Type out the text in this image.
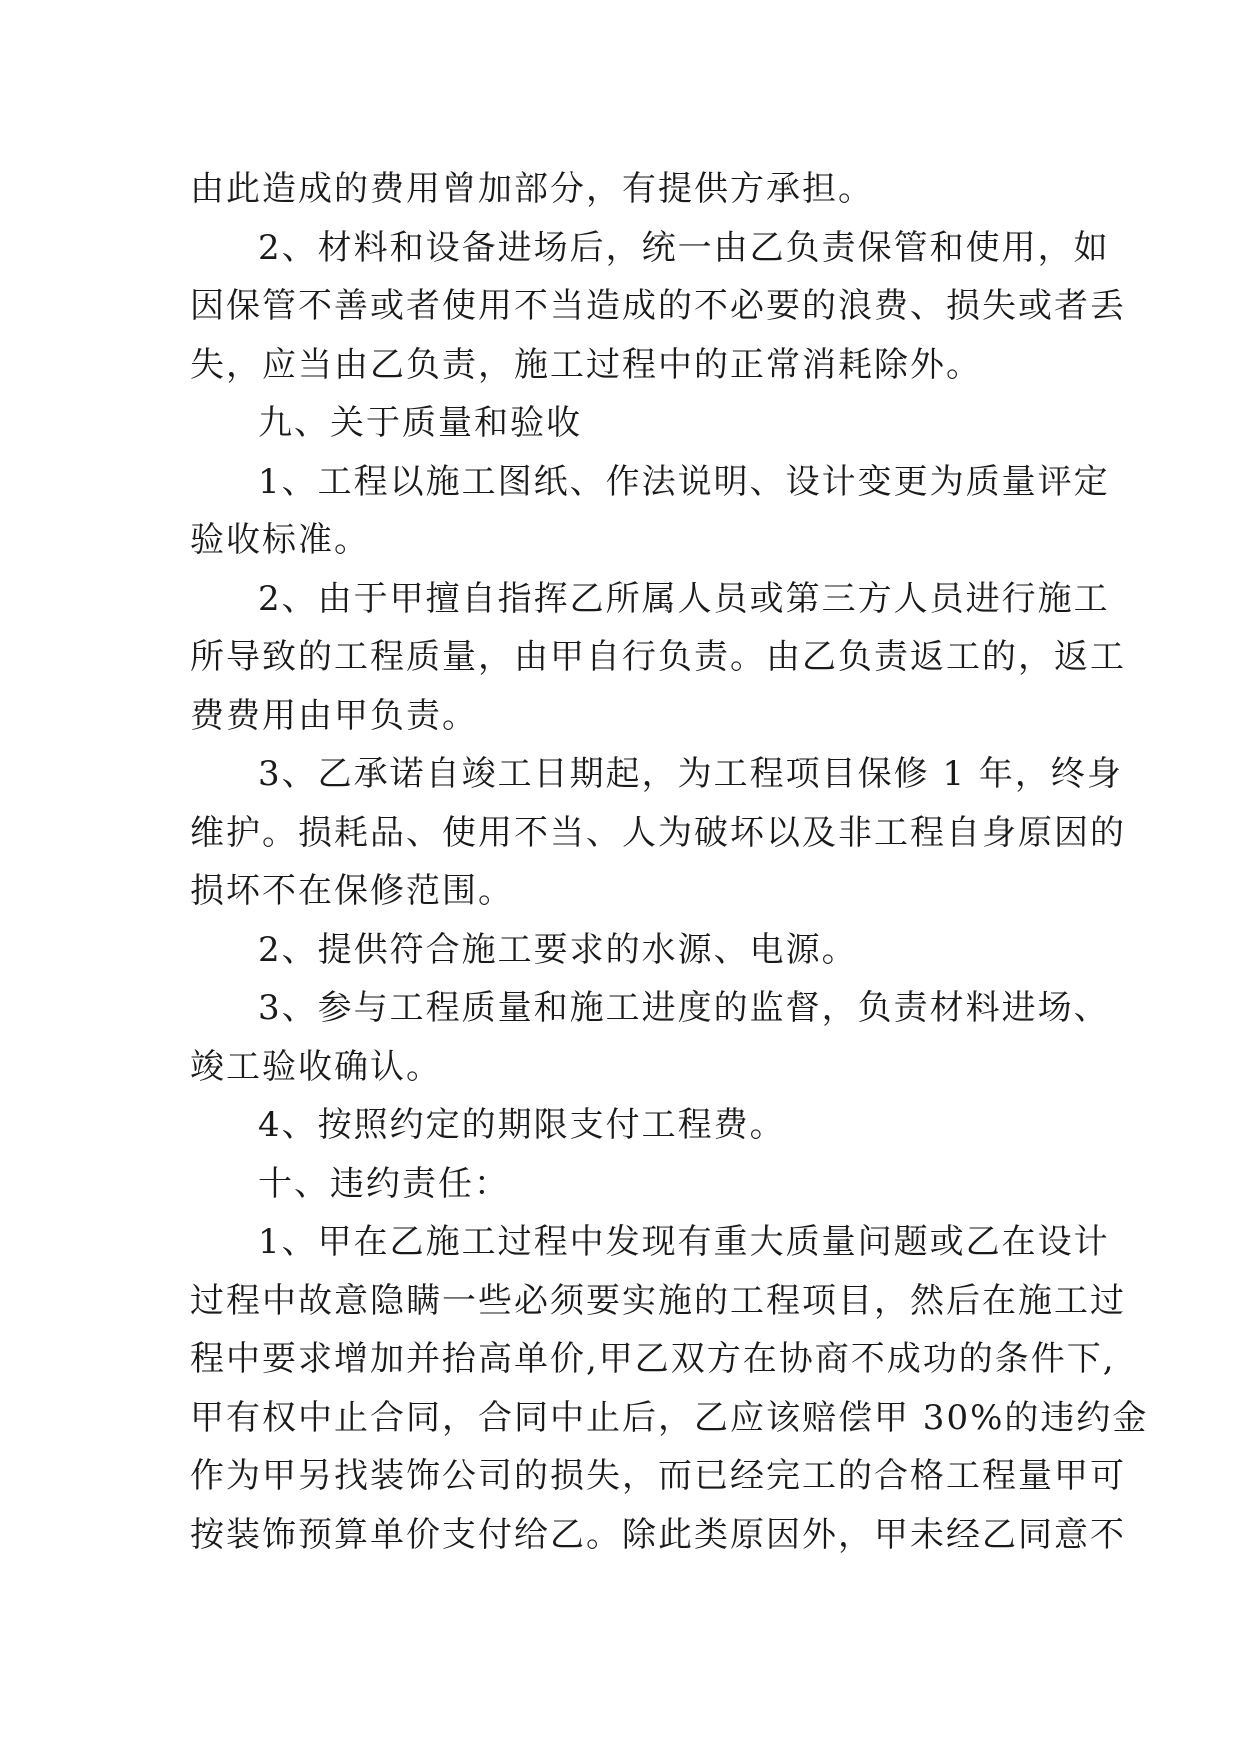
由此造成的费用曾加部分，有提供方承担。
2、材料和设备进场后，统一由乙负责保管和使用，如
因保管不善或者使用不当造成的不必要的浪费、损失或者丢
失，应当由乙负责，施工过程中的正常消耗除外。
九、关于质量和验收
1、工程以施工图纸、作法说明、设计变更为质量评定
验收标准。
2、由于甲擅自指挥乙所属人员或第三方人员进行施工
所导致的工程质量，由甲自行负责。由乙负责返工的，返工
费费用由甲负责。
3、乙承诺自竣工日期起，为工程项目保修 1 年，终身
维护。损耗品、使用不当、人为破坏以及非工程自身原因的
损坏不在保修范围。
2、提供符合施工要求的水源、电源。
3、参与工程质量和施工进度的监督，负责材料进场、
竣工验收确认。
4、按照约定的期限支付工程费。
十、违约责任：
1、甲在乙施工过程中发现有重大质量问题或乙在设计
过程中故意隐瞒一些必须要实施的工程项目，然后在施工过
程中要求增加并抬高单价,甲乙双方在协商不成功的条件下,
甲有权中止合同，合同中止后，乙应该赔偿甲 30%的违约金
作为甲另找装饰公司的损失，而已经完工的合格工程量甲可
按装饰预算单价支付给乙。除此类原因外，甲未经乙同意不
